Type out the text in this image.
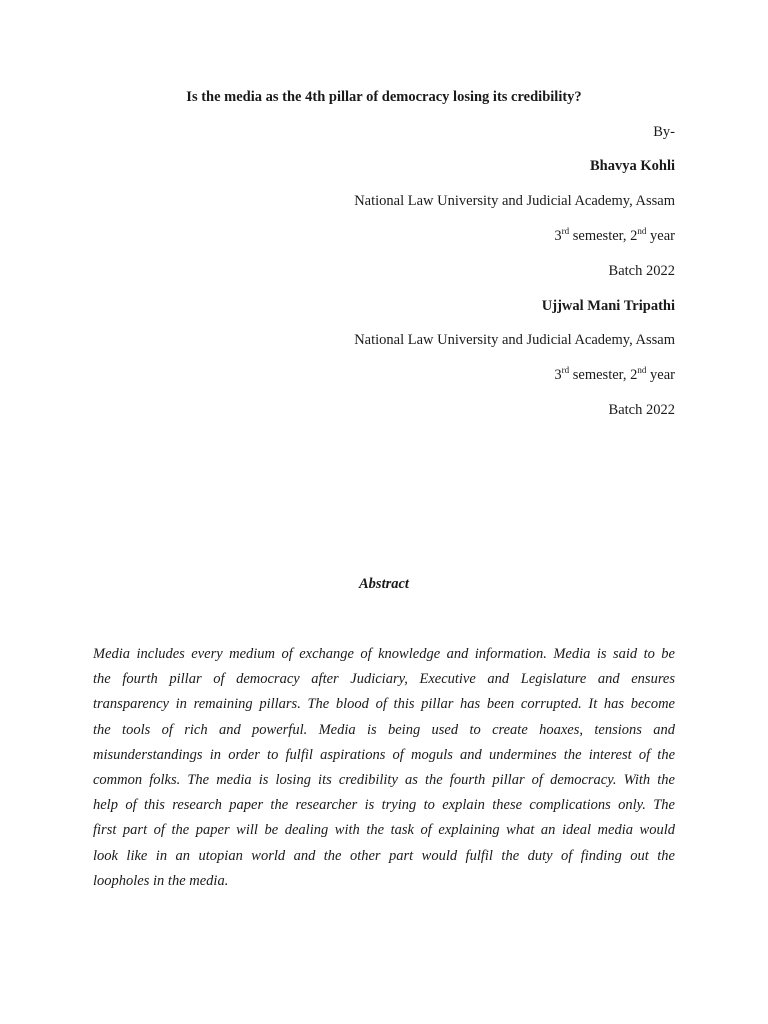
Is the media as the 4th pillar of democracy losing its credibility?
By-
Bhavya Kohli
National Law University and Judicial Academy, Assam
3rd semester, 2nd year
Batch 2022
Ujjwal Mani Tripathi
National Law University and Judicial Academy, Assam
3rd semester, 2nd year
Batch 2022
Abstract
Media includes every medium of exchange of knowledge and information. Media is said to be
the fourth pillar of democracy after Judiciary, Executive and Legislature and ensures
transparency in remaining pillars. The blood of this pillar has been corrupted. It has become
the tools of rich and powerful. Media is being used to create hoaxes, tensions and
misunderstandings in order to fulfil aspirations of moguls and undermines the interest of the
common folks. The media is losing its credibility as the fourth pillar of democracy. With the
help of this research paper the researcher is trying to explain these complications only. The
first part of the paper will be dealing with the task of explaining what an ideal media would
look like in an utopian world and the other part would fulfil the duty of finding out the
loopholes in the media.
